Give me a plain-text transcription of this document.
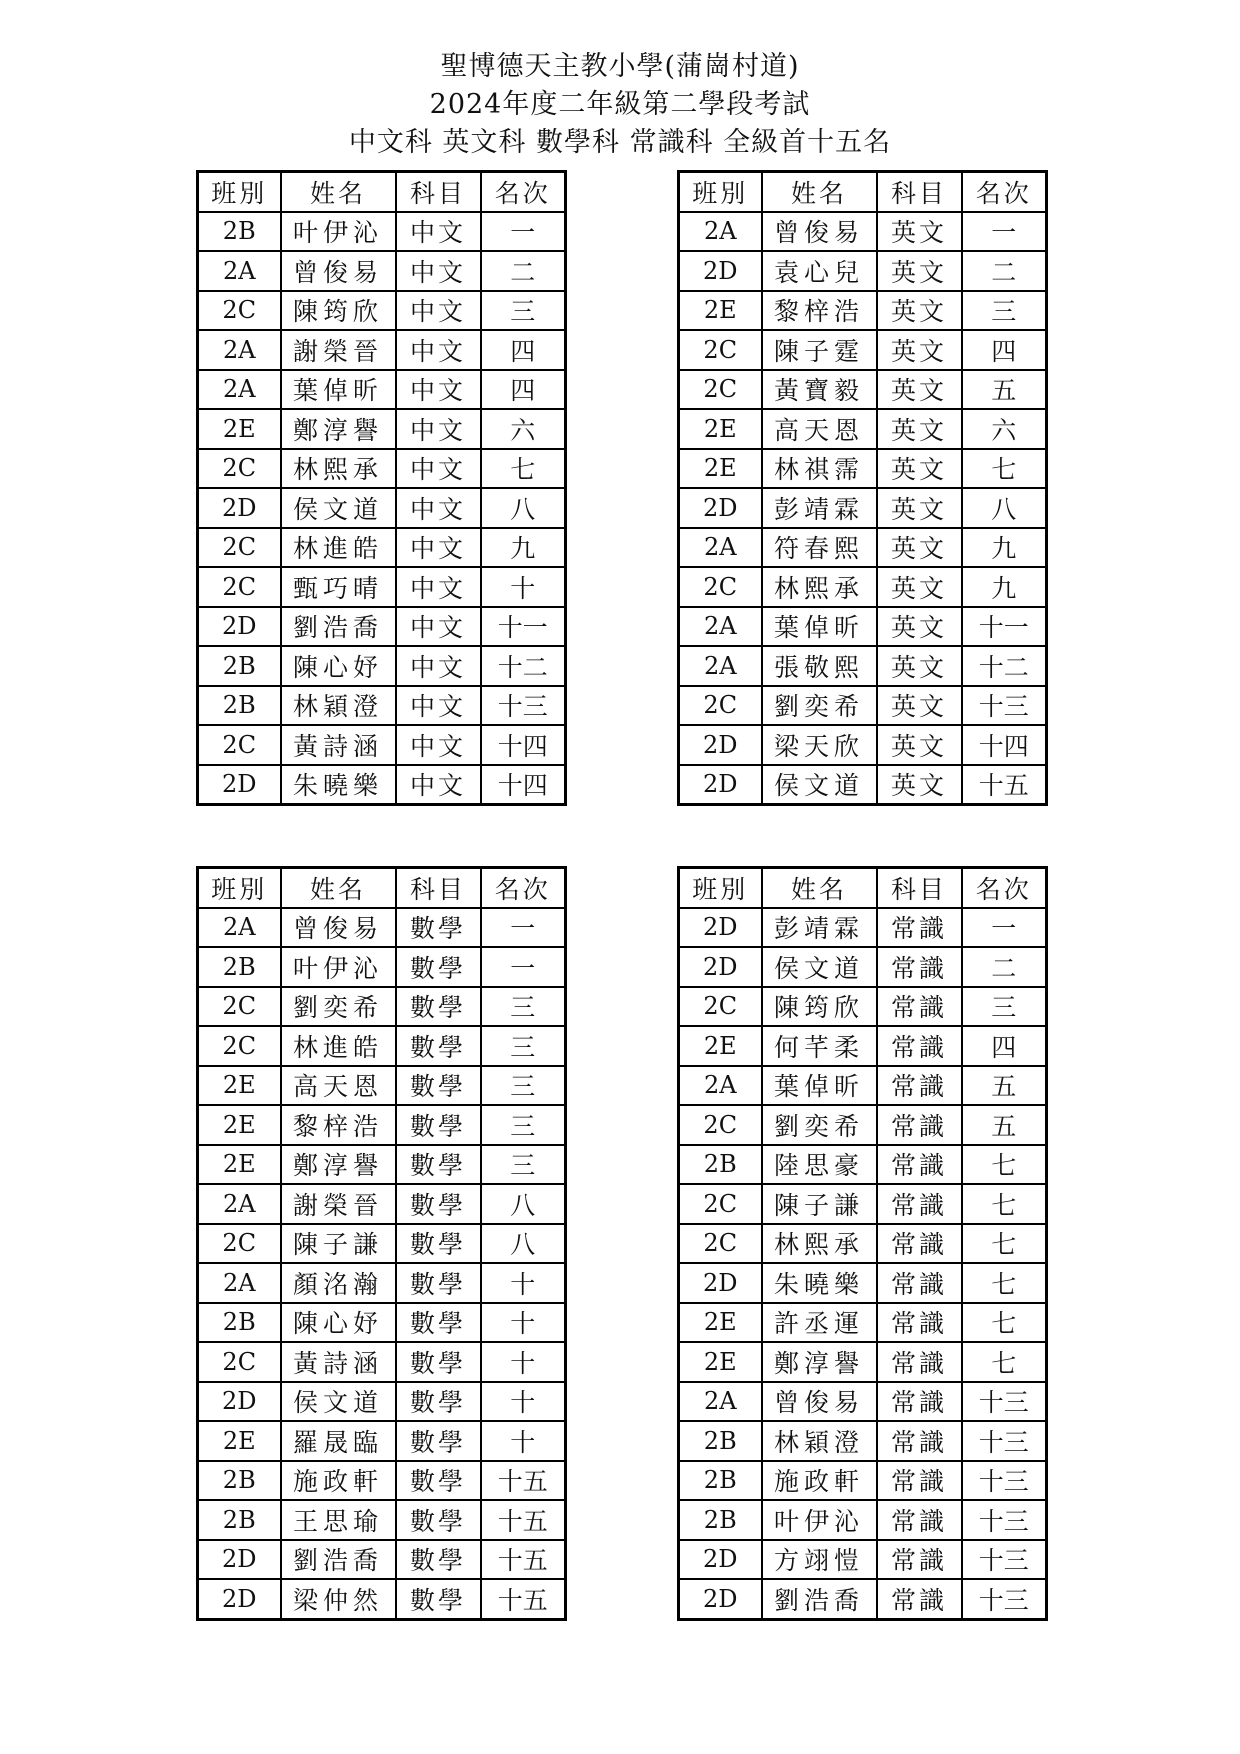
聖博德天主教小學(蒲崗村道)
2024年度二年級第二學段考試
中文科 英文科 數學科 常識科 全級首十五名
班別	姓名	科目	名次
2B	叶伊沁	中文	一
2A	曾俊易	中文	二
2C	陳筠欣	中文	三
2A	謝榮晉	中文	四
2A	葉倬昕	中文	四
2E	鄭淳譽	中文	六
2C	林熙承	中文	七
2D	侯文道	中文	八
2C	林進皓	中文	九
2C	甄巧晴	中文	十
2D	劉浩喬	中文	十一
2B	陳心妤	中文	十二
2B	林穎澄	中文	十三
2C	黃詩涵	中文	十四
2D	朱曉樂	中文	十四
班別	姓名	科目	名次
2A	曾俊易	英文	一
2D	袁心兒	英文	二
2E	黎梓浩	英文	三
2C	陳子霆	英文	四
2C	黃寶毅	英文	五
2E	高天恩	英文	六
2E	林祺霈	英文	七
2D	彭靖霖	英文	八
2A	符春熙	英文	九
2C	林熙承	英文	九
2A	葉倬昕	英文	十一
2A	張敬熙	英文	十二
2C	劉奕希	英文	十三
2D	梁天欣	英文	十四
2D	侯文道	英文	十五
班別	姓名	科目	名次
2A	曾俊易	數學	一
2B	叶伊沁	數學	一
2C	劉奕希	數學	三
2C	林進皓	數學	三
2E	高天恩	數學	三
2E	黎梓浩	數學	三
2E	鄭淳譽	數學	三
2A	謝榮晉	數學	八
2C	陳子謙	數學	八
2A	顏洺瀚	數學	十
2B	陳心妤	數學	十
2C	黃詩涵	數學	十
2D	侯文道	數學	十
2E	羅晟臨	數學	十
2B	施政軒	數學	十五
2B	王思瑜	數學	十五
2D	劉浩喬	數學	十五
2D	梁仲然	數學	十五
班別	姓名	科目	名次
2D	彭靖霖	常識	一
2D	侯文道	常識	二
2C	陳筠欣	常識	三
2E	何芊柔	常識	四
2A	葉倬昕	常識	五
2C	劉奕希	常識	五
2B	陸思豪	常識	七
2C	陳子謙	常識	七
2C	林熙承	常識	七
2D	朱曉樂	常識	七
2E	許丞運	常識	七
2E	鄭淳譽	常識	七
2A	曾俊易	常識	十三
2B	林穎澄	常識	十三
2B	施政軒	常識	十三
2B	叶伊沁	常識	十三
2D	方翊愷	常識	十三
2D	劉浩喬	常識	十三
